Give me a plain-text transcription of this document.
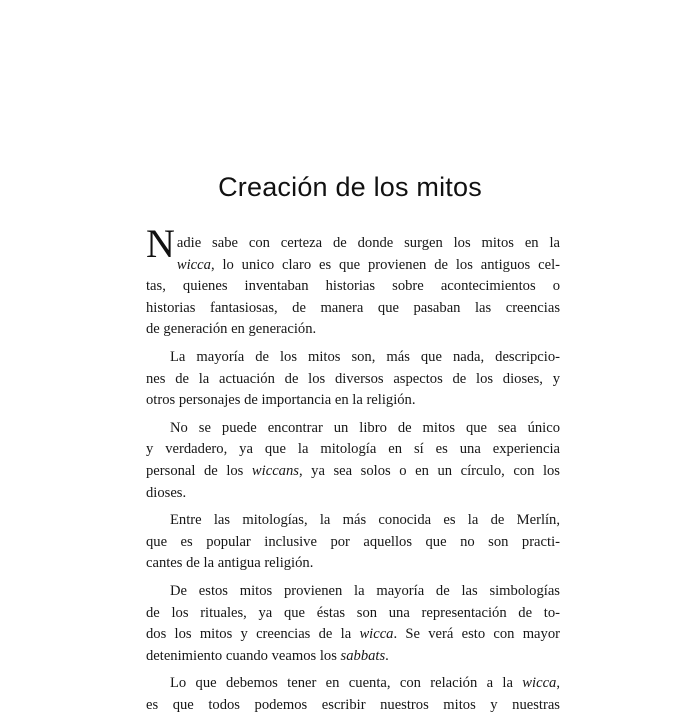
Creación de los mitos
N adie sabe con certeza de donde surgen los mitos en la
wicca, lo unico claro es que provienen de los antiguos cel-
tas, quienes inventaban historias sobre acontecimientos o
historias fantasiosas, de manera que pasaban las creencias
de generación en generación.
La mayoría de los mitos son, más que nada, descripcio-
nes de la actuación de los diversos aspectos de los dioses, y
otros personajes de importancia en la religión.
No se puede encontrar un libro de mitos que sea único
y verdadero, ya que la mitología en sí es una experiencia
personal de los wiccans, ya sea solos o en un círculo, con los
dioses.
Entre las mitologías, la más conocida es la de Merlín,
que es popular inclusive por aquellos que no son practi-
cantes de la antigua religión.
De estos mitos provienen la mayoría de las simbologías
de los rituales, ya que éstas son una representación de to-
dos los mitos y creencias de la wicca. Se verá esto con mayor
detenimiento cuando veamos los sabbats.
Lo que debemos tener en cuenta, con relación a la wicca,
es que todos podemos escribir nuestros mitos y nuestras
